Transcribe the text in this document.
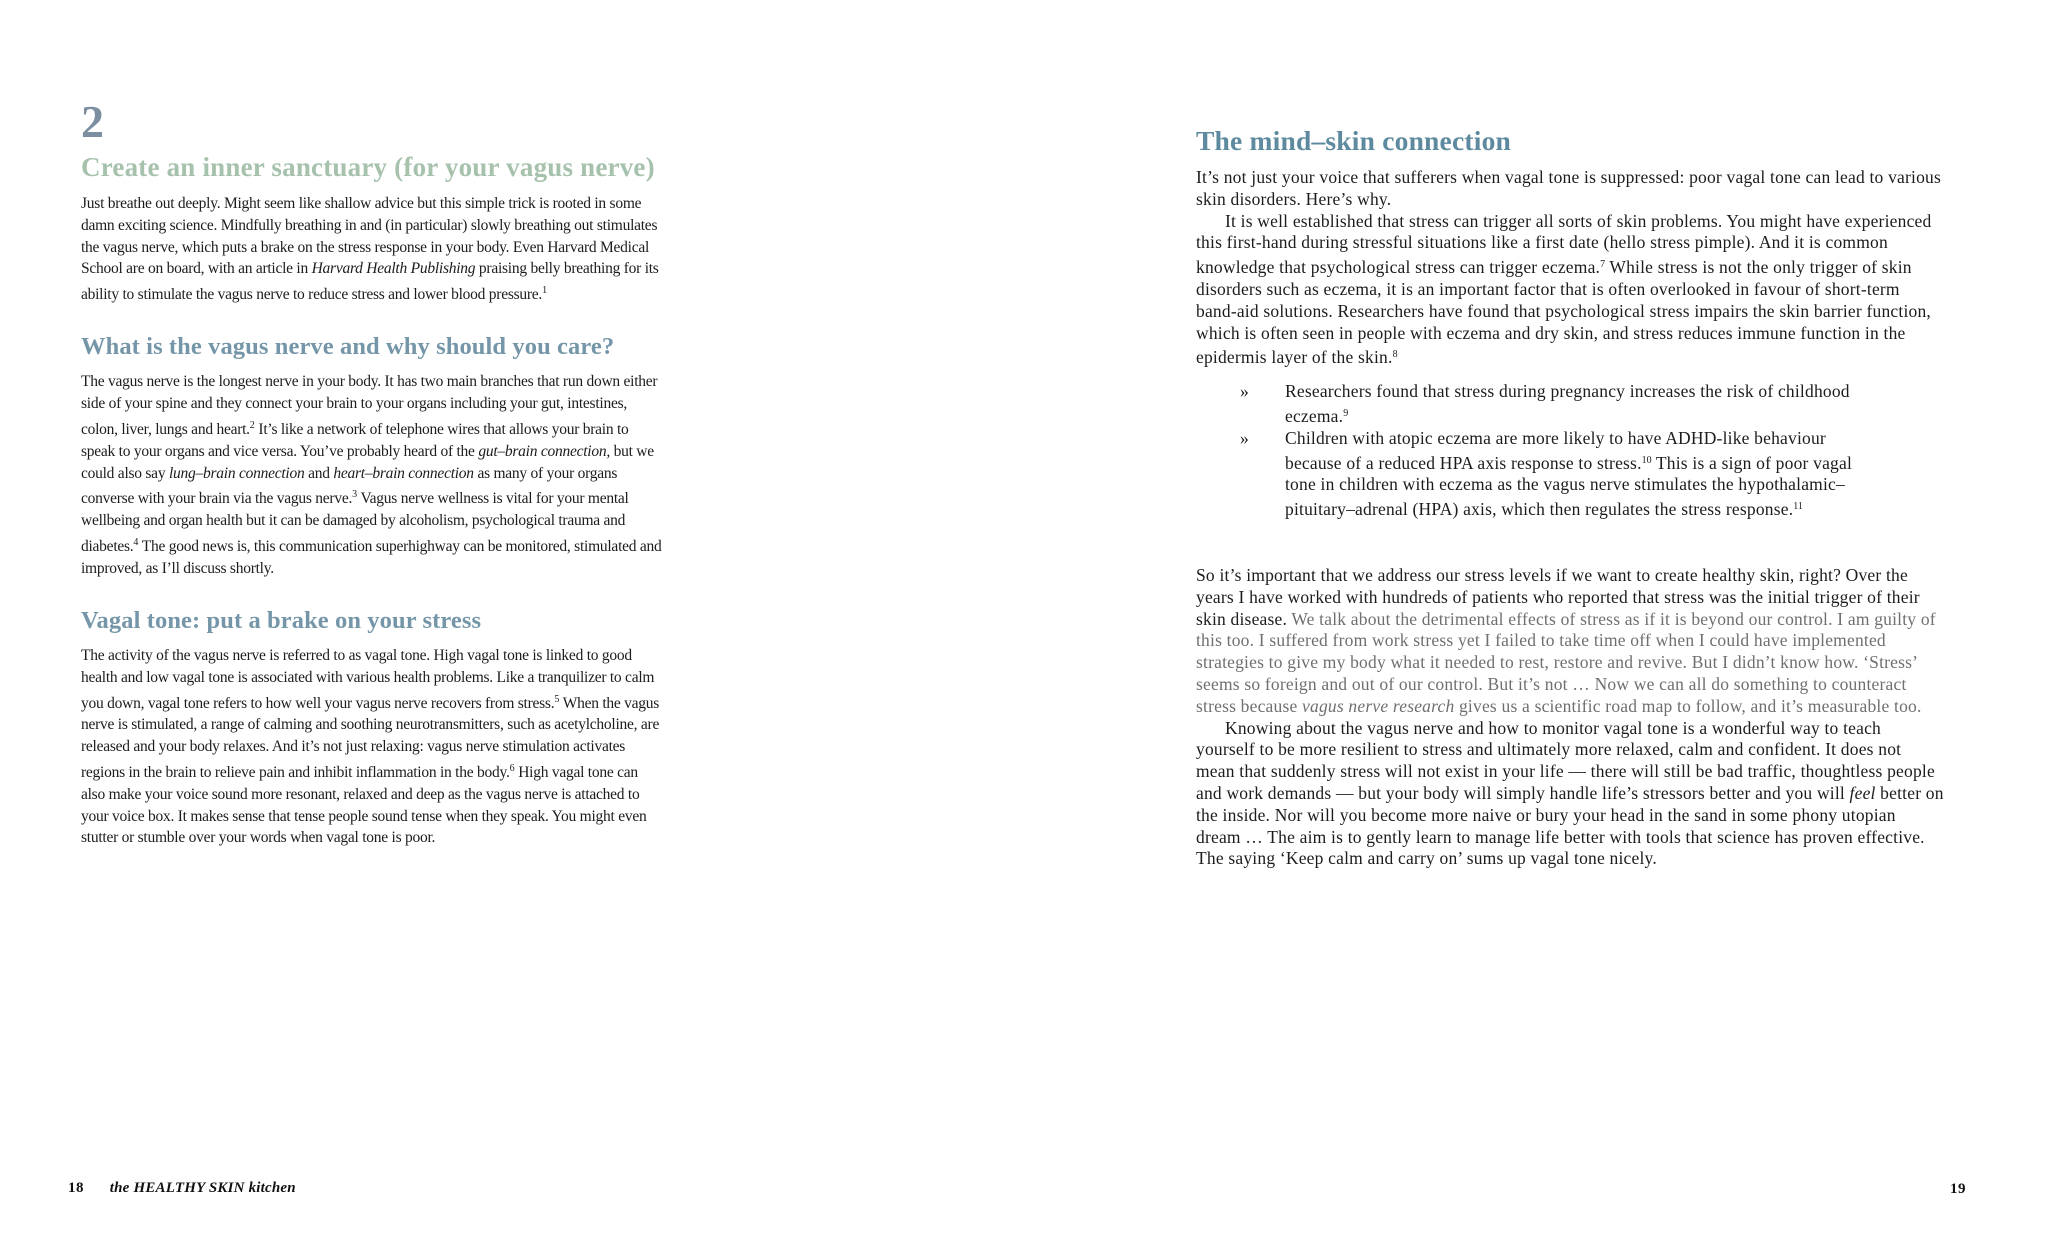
2
Create an inner sanctuary (for your vagus nerve)

Just breathe out deeply. Might seem like shallow advice but this simple trick is rooted in some damn exciting science. Mindfully breathing in and (in particular) slowly breathing out stimulates the vagus nerve, which puts a brake on the stress response in your body. Even Harvard Medical School are on board, with an article in Harvard Health Publishing praising belly breathing for its ability to stimulate the vagus nerve to reduce stress and lower blood pressure.$^1$

What is the vagus nerve and why should you care?

The vagus nerve is the longest nerve in your body. It has two main branches that run down either side of your spine and they connect your brain to your organs including your gut, intestines, colon, liver, lungs and heart.$^2$ It’s like a network of telephone wires that allows your brain to speak to your organs and vice versa. You’ve probably heard of the gut–brain connection, but we could also say lung–brain connection and heart–brain connection as many of your organs converse with your brain via the vagus nerve.$^3$ Vagus nerve wellness is vital for your mental wellbeing and organ health but it can be damaged by alcoholism, psychological trauma and diabetes.$^4$ The good news is, this communication superhighway can be monitored, stimulated and improved, as I’ll discuss shortly.

Vagal tone: put a brake on your stress

The activity of the vagus nerve is referred to as vagal tone. High vagal tone is linked to good health and low vagal tone is associated with various health problems. Like a tranquilizer to calm you down, vagal tone refers to how well your vagus nerve recovers from stress.$^5$ When the vagus nerve is stimulated, a range of calming and soothing neurotransmitters, such as acetylcholine, are released and your body relaxes. And it’s not just relaxing: vagus nerve stimulation activates regions in the brain to relieve pain and inhibit inflammation in the body.$^6$ High vagal tone can also make your voice sound more resonant, relaxed and deep as the vagus nerve is attached to your voice box. It makes sense that tense people sound tense when they speak. You might even stutter or stumble over your words when vagal tone is poor.

The mind–skin connection

It’s not just your voice that sufferers when vagal tone is suppressed: poor vagal tone can lead to various skin disorders. Here’s why.

It is well established that stress can trigger all sorts of skin problems. You might have experienced this first-hand during stressful situations like a first date (hello stress pimple). And it is common knowledge that psychological stress can trigger eczema.$^7$ While stress is not the only trigger of skin disorders such as eczema, it is an important factor that is often overlooked in favour of short-term band-aid solutions. Researchers have found that psychological stress impairs the skin barrier function, which is often seen in people with eczema and dry skin, and stress reduces immune function in the epidermis layer of the skin.$^8$

» Researchers found that stress during pregnancy increases the risk of childhood eczema.$^9$
» Children with atopic eczema are more likely to have ADHD-like behaviour because of a reduced HPA axis response to stress.$^{10}$ This is a sign of poor vagal tone in children with eczema as the vagus nerve stimulates the hypothalamic–pituitary–adrenal (HPA) axis, which then regulates the stress response.$^{11}$

So it’s important that we address our stress levels if we want to create healthy skin, right? Over the years I have worked with hundreds of patients who reported that stress was the initial trigger of their skin disease. We talk about the detrimental effects of stress as if it is beyond our control. I am guilty of this too. I suffered from work stress yet I failed to take time off when I could have implemented strategies to give my body what it needed to rest, restore and revive. But I didn’t know how. ‘Stress’ seems so foreign and out of our control. But it’s not … Now we can all do something to counteract stress because vagus nerve research gives us a scientific road map to follow, and it’s measurable too.

Knowing about the vagus nerve and how to monitor vagal tone is a wonderful way to teach yourself to be more resilient to stress and ultimately more relaxed, calm and confident. It does not mean that suddenly stress will not exist in your life — there will still be bad traffic, thoughtless people and work demands — but your body will simply handle life’s stressors better and you will feel better on the inside. Nor will you become more naive or bury your head in the sand in some phony utopian dream … The aim is to gently learn to manage life better with tools that science has proven effective. The saying ‘Keep calm and carry on’ sums up vagal tone nicely.

18 the HEALTHY SKIN kitchen	19
